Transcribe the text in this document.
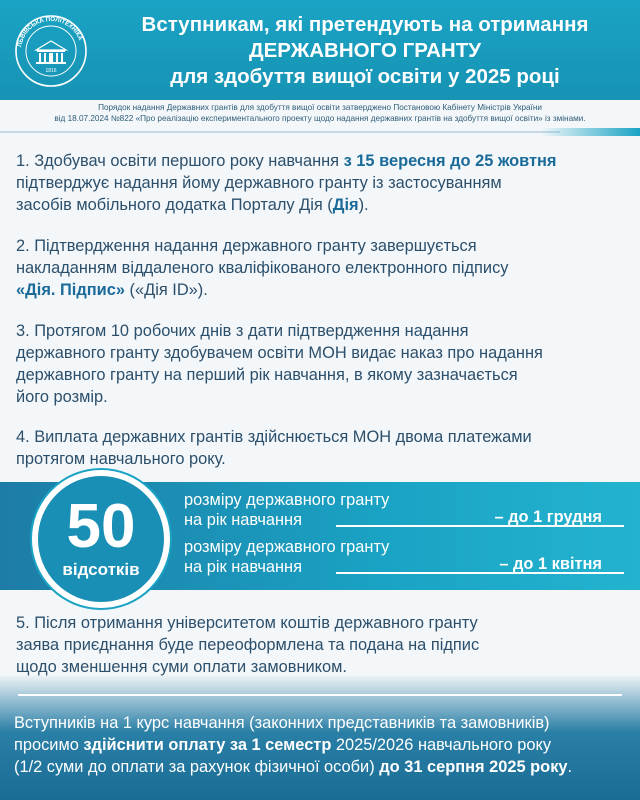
ЛЬВІВСЬКА ПОЛІТЕХНІКА
1816
Вступникам, які претендують на отримання
ДЕРЖАВНОГО ГРАНТУ
для здобуття вищої освіти у 2025 році
Порядок надання Державних грантів для здобуття вищої освіти затверджено Постановою Кабінету Міністрів України
від 18.07.2024 №822 «Про реалізацію експериментального проекту щодо надання державних грантів на здобуття вищої освіти» із змінами.
1. Здобувач освіти першого року навчання з 15 вересня до 25 жовтня
підтверджує надання йому державного гранту із застосуванням
засобів мобільного додатка Порталу Дія (Дія).
2. Підтвердження надання державного гранту завершується
накладанням віддаленого кваліфікованого електронного підпису
«Дія. Підпис» («Дія ID»).
3. Протягом 10 робочих днів з дати підтвердження надання
державного гранту здобувачем освіти МОН видає наказ про надання
державного гранту на перший рік навчання, в якому зазначається
його розмір.
4. Виплата державних грантів здійснюється МОН двома платежами
протягом навчального року.
50
відсотків
розміру державного гранту
на рік навчання	– до 1 грудня
розміру державного гранту
на рік навчання	– до 1 квітня
5. Після отримання університетом коштів державного гранту
заява приєднання буде переоформлена та подана на підпис
щодо зменшення суми оплати замовником.
Вступників на 1 курс навчання (законних представників та замовників)
просимо здійснити оплату за 1 семестр 2025/2026 навчального року
(1/2 суми до оплати за рахунок фізичної особи) до 31 серпня 2025 року.
